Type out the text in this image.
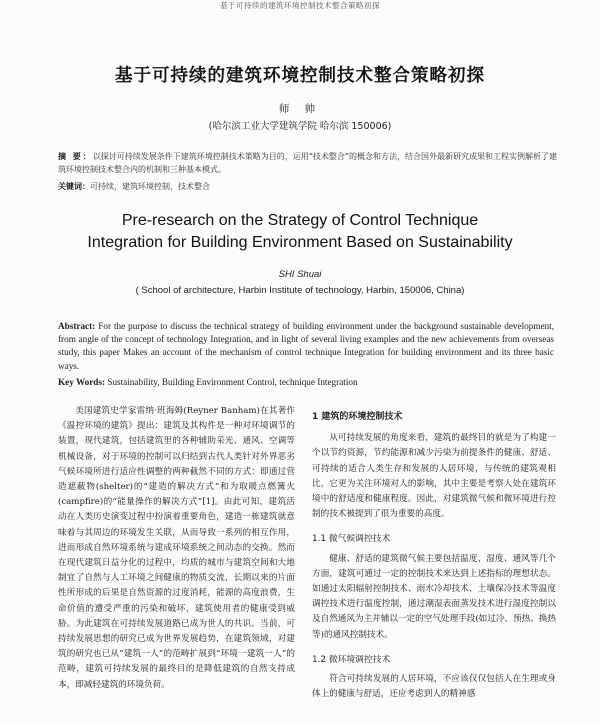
基于可持续的建筑环境控制技术整合策略初探
基于可持续的建筑环境控制技术整合策略初探
师 帅
(哈尔滨工业大学建筑学院 哈尔滨 150006)
摘 要：以探讨可持续发展条件下建筑环境控制技术策略为目的，运用“技术整合”的概念和方法，结合国外最新研究成果和工程实例解析了建筑环境控制技术整合内的机制和三种基本模式。
关键词：可持续，建筑环境控制，技术整合
Pre-research on the Strategy of Control Technique
Integration for Building Environment Based on Sustainability
SHI Shuai
( School of architecture, Harbin Institute of technology, Harbin, 150006, China)
Abstract: For the purpose to discuss the technical strategy of building environment under the background sustainable development, from angle of the concept of technology Integration, and in light of several living examples and the new achievements from overseas study, this paper Makes an account of the mechanism of control technique Integration for building environment and its three basic ways.
Key Words: Sustainability, Building Environment Control, technique Integration

美国建筑史学家雷纳·班海姆(Reyner Banham)在其著作《温控环境的建筑》提出：建筑及其构件是一种对环境调节的装置，现代建筑，包括建筑里的各种辅助采光、通风、空调等机械设备，对于环境的控制可以归结到古代人类针对外界恶劣气候环境所进行适应性调整的两种截然不同的方式：即通过营造遮蔽物(shelter)的“建造的解决方式”和为取暖点燃篝火(campfire)的“能量操作的解决方式”[1]。由此可知，建筑活动在人类历史演变过程中扮演着重要角色，建造一栋建筑就意味着与其周边的环境发生关联，从而导致一系列的相互作用，进而形成自然环境系统与建成环境系统之间动态的交换。然而在现代建筑日益分化的过程中，均质的城市与建筑空间和大地制宜了自然与人工环境之间健康的物质交流，长期以来的片面性所形成的后果是自然资源的过度消耗，能源的高度浪费，生命价值的遭受严重的污染和破坏，建筑使用者的健康受到威胁。为此建筑在可持续发展道路已成为世人的共识。当前，可持续发展思想的研究已成为世界发展趋势，在建筑领域，对建筑的研究也已从“建筑一人”的范畴扩展到“环境一建筑一人”的范畴，建筑可持续发展的最终目的是降低建筑的自然支持成本，即减轻建筑的环境负荷。

1 建筑的环境控制技术

从可持续发展的角度来看，建筑的最终目的就是为了构建一个以节约资源，节约能源和减少污染为前提条件的健康、舒适、可持续的适合人类生存和发展的人居环境，与传统的建筑观相比，它更为关注环境对人的影响，其中主要是考察人处在建筑环境中的舒适度和健康程度。因此，对建筑微气候和微环境进行控制的技术被提到了很为重要的高度。

1.1 微气候调控技术

健康、舒适的建筑微气候主要包括温度、湿度、通风等几个方面，建筑可通过一定的控制技术来达到上述指标的理想状态。如通过太阳辐射控制技术、雨水冷却技术、土壤保冷技术等温度调控技术进行温度控制，通过潮湿表面蒸发技术进行湿度控制以及自然通风为主并辅以一定的空气处理手段(如过冷、预热、换热等)的通风控制技术。

1.2 微环境调控技术

符合可持续发展的人居环境，不应该仅仅包括人在生理或身体上的健康与舒适，还应考虑到人的精神感
